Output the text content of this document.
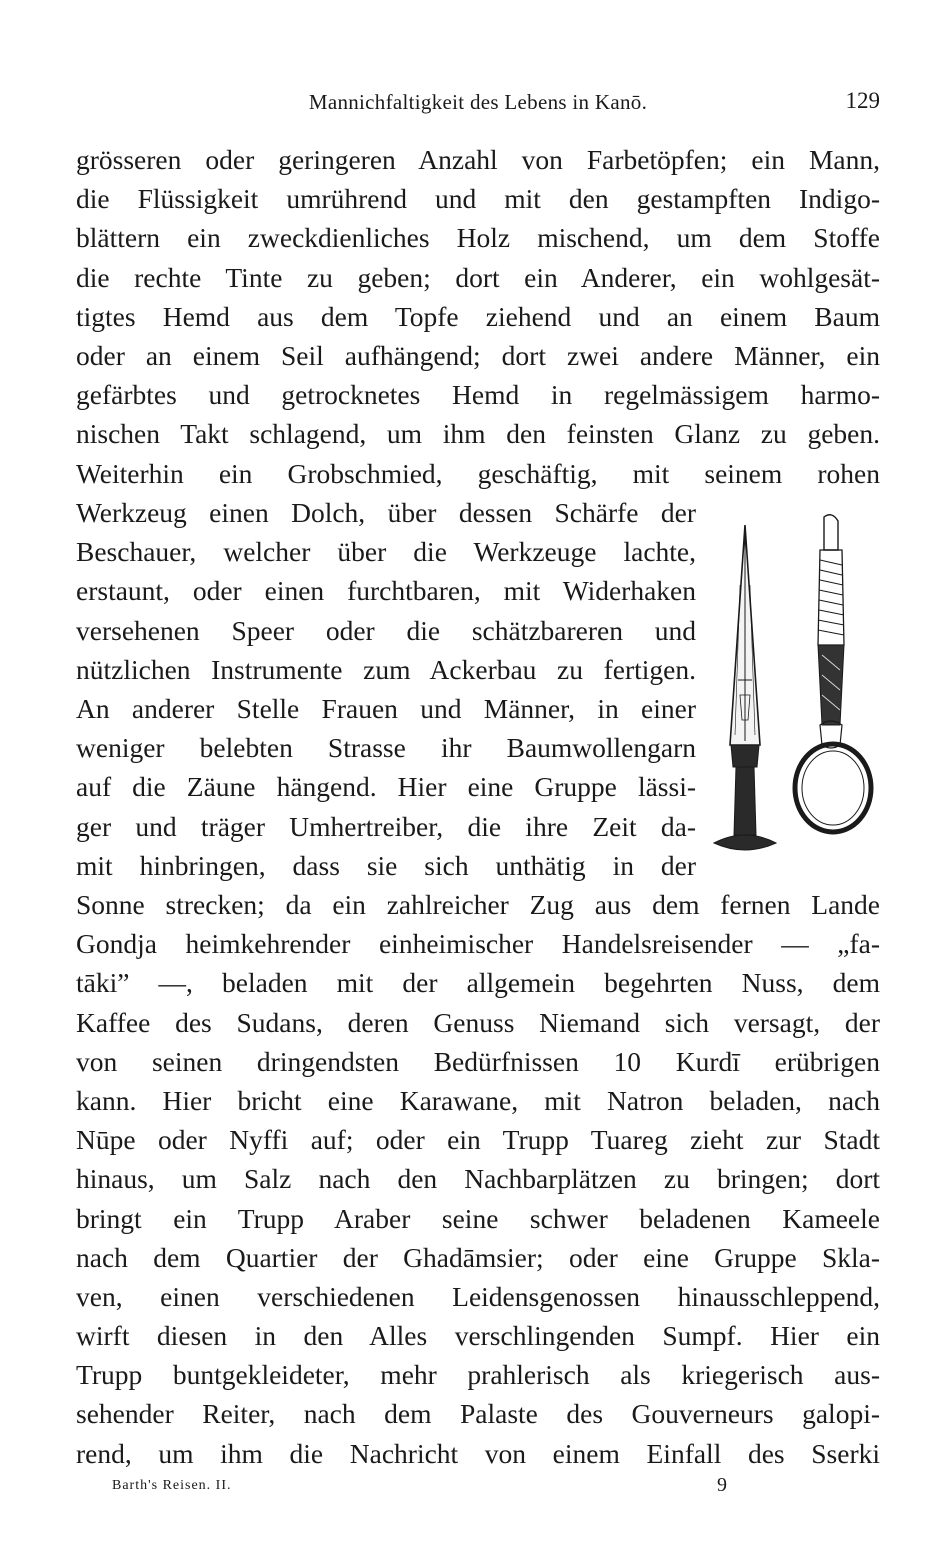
Mannichfaltigkeit des Lebens in Kanō.	129
grösseren oder geringeren Anzahl von Farbetöpfen; ein Mann,
die Flüssigkeit umrührend und mit den gestampften Indigo-
blättern ein zweckdienliches Holz mischend, um dem Stoffe
die rechte Tinte zu geben; dort ein Anderer, ein wohlgesät-
tigtes Hemd aus dem Topfe ziehend und an einem Baum
oder an einem Seil aufhängend; dort zwei andere Männer, ein
gefärbtes und getrocknetes Hemd in regelmässigem harmo-
nischen Takt schlagend, um ihm den feinsten Glanz zu geben.
Weiterhin ein Grobschmied, geschäftig, mit seinem rohen
Werkzeug einen Dolch, über dessen Schärfe der
Beschauer, welcher über die Werkzeuge lachte,
erstaunt, oder einen furchtbaren, mit Widerhaken
versehenen Speer oder die schätzbareren und
nützlichen Instrumente zum Ackerbau zu fertigen.
An anderer Stelle Frauen und Männer, in einer
weniger belebten Strasse ihr Baumwollengarn
auf die Zäune hängend. Hier eine Gruppe lässi-
ger und träger Umhertreiber, die ihre Zeit da-
mit hinbringen, dass sie sich unthätig in der
Sonne strecken; da ein zahlreicher Zug aus dem fernen Lande
Gondja heimkehrender einheimischer Handelsreisender — „fa-
tāki” —, beladen mit der allgemein begehrten Nuss, dem
Kaffee des Sudans, deren Genuss Niemand sich versagt, der
von seinen dringendsten Bedürfnissen 10 Kurdī erübrigen
kann. Hier bricht eine Karawane, mit Natron beladen, nach
Nūpe oder Nyffi auf; oder ein Trupp Tuareg zieht zur Stadt
hinaus, um Salz nach den Nachbarplätzen zu bringen; dort
bringt ein Trupp Araber seine schwer beladenen Kameele
nach dem Quartier der Ghadāmsier; oder eine Gruppe Skla-
ven, einen verschiedenen Leidensgenossen hinausschleppend,
wirft diesen in den Alles verschlingenden Sumpf. Hier ein
Trupp buntgekleideter, mehr prahlerisch als kriegerisch aus-
sehender Reiter, nach dem Palaste des Gouverneurs galopi-
rend, um ihm die Nachricht von einem Einfall des Sserki
Barth's Reisen. II.	9
